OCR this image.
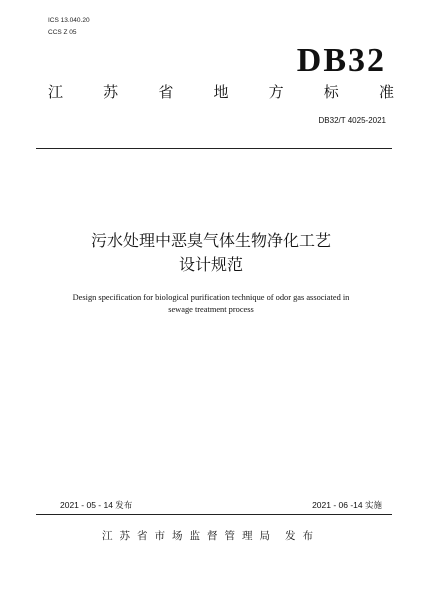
ICS 13.040.20
CCS Z 05
DB32
江	苏	省	地	方	标	准
DB32/T 4025-2021
污水处理中恶臭气体生物净化工艺
设计规范
Design specification for biological purification technique of odor gas associated in
sewage treatment process
2021 - 05 - 14 发布	2021 - 06 -14 实施
江苏省市场监督管理局 发布
